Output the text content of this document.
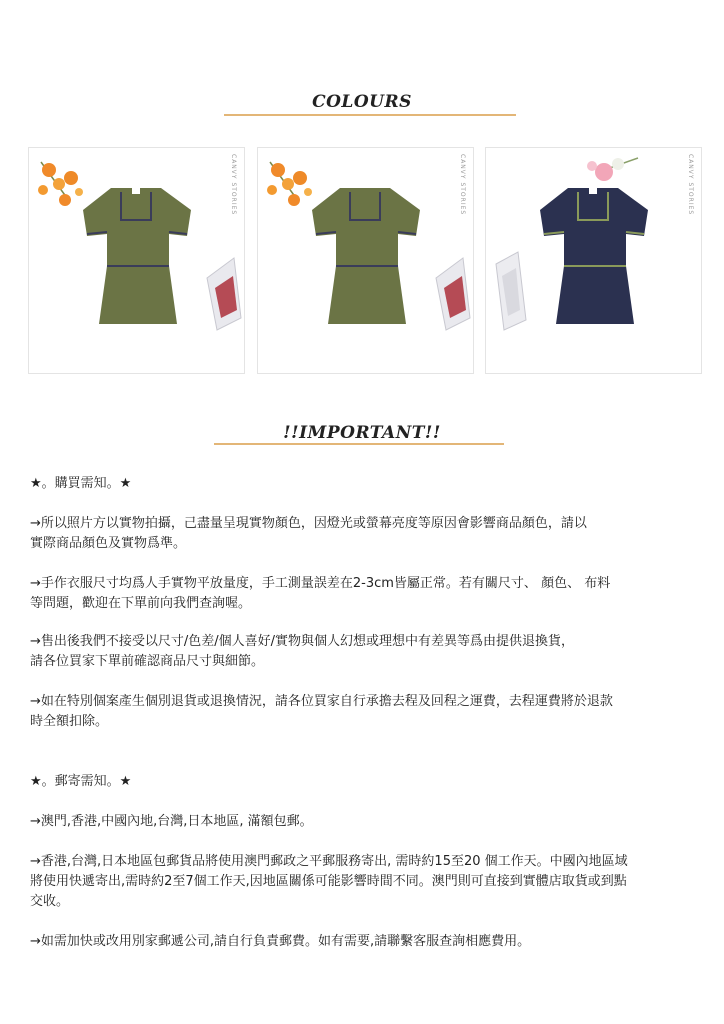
COLOURS
CANVY STORIES	CANVY STORIES	CANVY STORIES
!!IMPORTANT!!

★。購買需知。★

→所以照片方以實物拍攝，己盡量呈現實物顏色，因燈光或螢幕亮度等原因會影響商品顏色，請以
實際商品顏色及實物爲準。
→手作衣服尺寸均爲人手實物平放量度，手工測量誤差在2-3cm皆屬正常。若有關尺寸、 顏色、 布料
等問題，歡迎在下單前向我們查詢喔。
→售出後我們不接受以尺寸/色差/個人喜好/實物與個人幻想或理想中有差異等爲由提供退換貨，
請各位買家下單前確認商品尺寸與細節。
→如在特別個案產生個別退貨或退換情況，請各位買家自行承擔去程及回程之運費，去程運費將於退款
時全額扣除。

★。郵寄需知。★

→澳門,香港,中國內地,台灣,日本地區, 滿額包郵。
→香港,台灣,日本地區包郵貨品將使用澳門郵政之平郵服務寄出, 需時約15至20 個工作天。中國內地區域
將使用快遞寄出,需時約2至7個工作天,因地區關係可能影響時間不同。澳門則可直接到實體店取貨或到點
交收。
→如需加快或改用別家郵遞公司,請自行負責郵費。如有需要,請聯繫客服查詢相應費用。
